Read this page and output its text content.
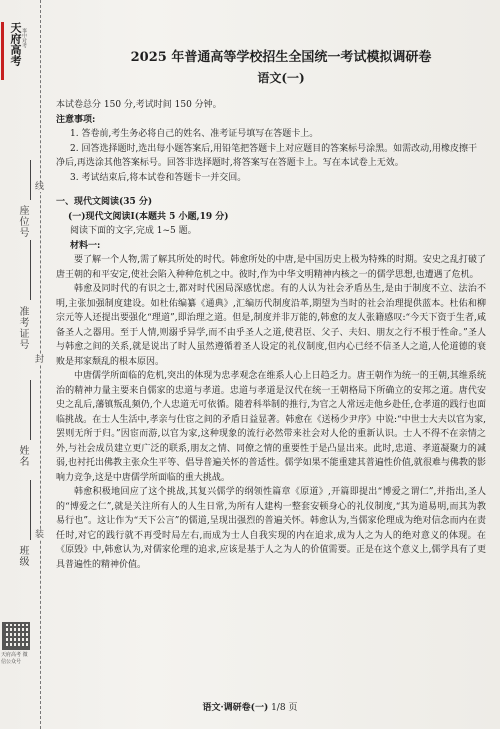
天府高考 事中对考
座位号
准考证号
姓名
班级
线
封
装
天府高考 微信公众号
2025 年普通高等学校招生全国统一考试模拟调研卷
语文(一)

本试卷总分 150 分,考试时间 150 分钟。

注意事项:

1. 答卷前,考生务必将自己的姓名、准考证号填写在答题卡上。

2. 回答选择题时,选出每小题答案后,用铅笔把答题卡上对应题目的答案标号涂黑。如需改动,用橡皮擦干净后,再选涂其他答案标号。回答非选择题时,将答案写在答题卡上。写在本试卷上无效。

3. 考试结束后,将本试卷和答题卡一并交回。

一、现代文阅读(35 分)

(一)现代文阅读Ⅰ(本题共 5 小题,19 分)

阅读下面的文字,完成 1~5 题。

材料一:

要了解一个人物,需了解其所处的时代。韩愈所处的中唐,是中国历史上极为特殊的时期。安史之乱打破了唐王朝的和平安定,使社会陷入种种危机之中。彼时,作为中华文明精神内核之一的儒学思想,也遭遇了危机。

韩愈及同时代的有识之士,都对时代困局深感忧虑。有的人认为社会矛盾丛生,是由于制度不立、法治不明,主张加强制度建设。如杜佑编纂《通典》,汇编历代制度沿革,期望为当时的社会治理提供蓝本。杜佑和柳宗元等人还提出要强化“理道”,即治理之道。但是,制度并非万能的,韩愈的友人张籍感叹:“今天下资于生者,咸备圣人之器用。至于人情,则溺乎异学,而不由乎圣人之道,使君臣、父子、夫妇、朋友之行不根于性命。”圣人与韩愈之间的关系,就是说出了时人虽然遵循着圣人设定的礼仪制度,但内心已经不信圣人之道,人伦道德的衰败是邦家颓乱的根本原因。

中唐儒学所面临的危机,突出的体现为忠孝观念在维系人心上日趋乏力。唐王朝作为统一的王朝,其维系统治的精神力量主要来自儒家的忠道与孝道。忠道与孝道是汉代在统一王朝格局下所确立的安邦之道。唐代安史之乱后,藩镇叛乱频仍,个人忠道无可依循。随着科举制的推行,为官之人常远走他乡赴任,仓孝道的践行也面临挑战。在士人生活中,孝亲与仕宦之间的矛盾日益显著。韩愈在《送杨少尹序》中说:“中世士大夫以官为家,罢则无所于归。”因宦而游,以官为家,这种现象的流行必然带来社会对人伦的重新认识。士人不得不在亲情之外,与社会成员建立更广泛的联系,朋友之情、同僚之情的重要性于是凸显出来。此时,忠道、孝道凝聚力的减弱,也衬托出佛教主张众生平等、倡导普遍关怀的普适性。儒学如果不能重建其普遍性价值,就很难与佛教的影响力竞争,这是中唐儒学所面临的重大挑战。

韩愈积极地回应了这个挑战,其复兴儒学的纲领性篇章《原道》,开篇即提出“博爱之谓仁”,并指出,圣人的“博爱之仁”,就是关注所有人的人生日常,为所有人建构一整套安顿身心的礼仪制度,“其为道易明,而其为教易行也”。这让作为“天下公言”的儒道,呈现出强烈的普遍关怀。韩愈认为,当儒家伦理成为绝对信念而内在责任时,对它的践行就不再受时局左右,而成为士人自我实现的内在追求,成为人之为人的绝对意义的体现。在《原毁》中,韩愈认为,对儒家伦理的追求,应该是基于人之为人的价值需要。正是在这个意义上,儒学具有了更具普遍性的精神价值。

语文·调研卷(一) 1/8 页
